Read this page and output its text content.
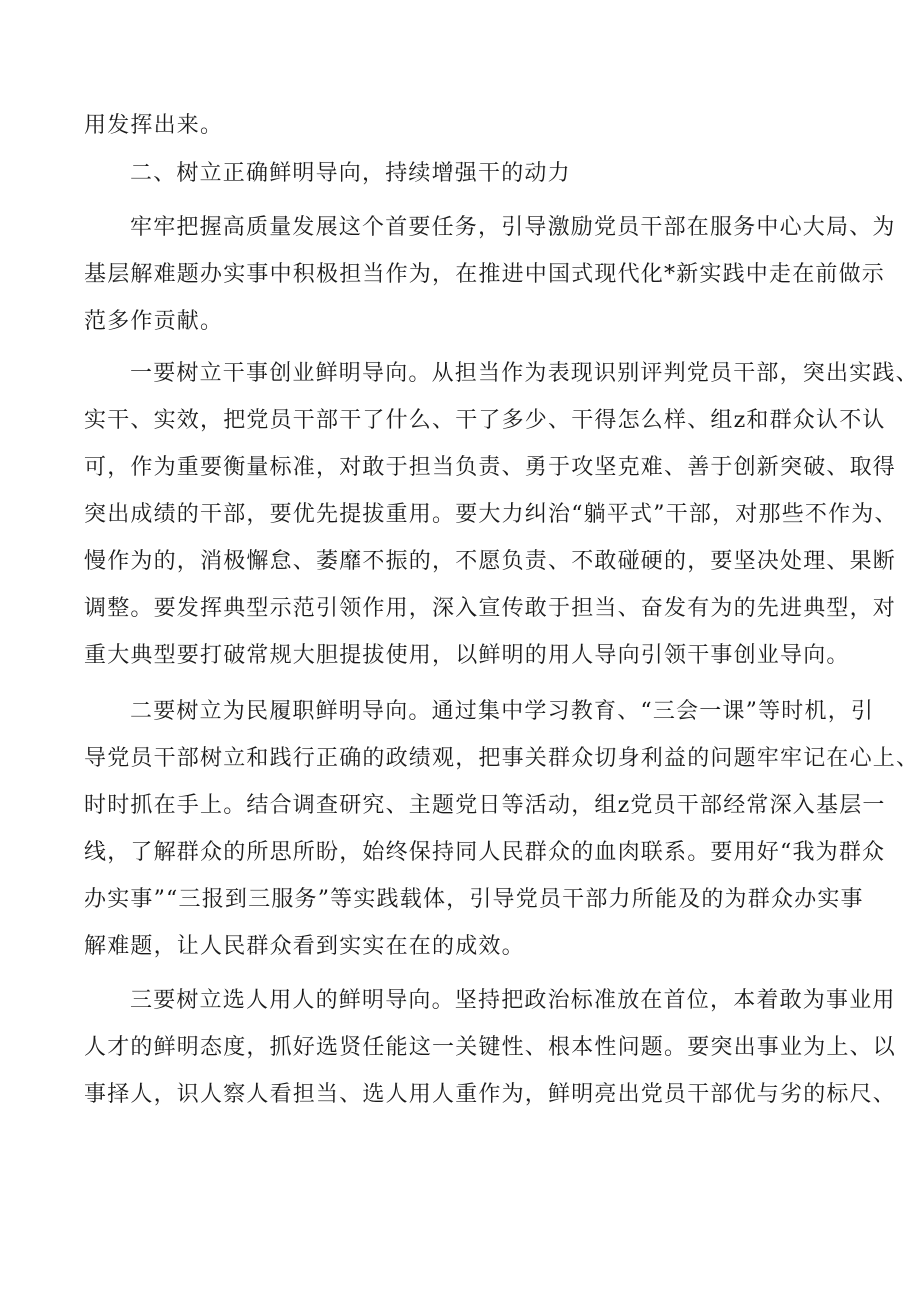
用发挥出来。
二、树立正确鲜明导向，持续增强干的动力
牢牢把握高质量发展这个首要任务，引导激励党员干部在服务中心大局、为
基层解难题办实事中积极担当作为，在推进中国式现代化*新实践中走在前做示
范多作贡献。
一要树立干事创业鲜明导向。从担当作为表现识别评判党员干部，突出实践、
实干、实效，把党员干部干了什么、干了多少、干得怎么样、组z和群众认不认
可，作为重要衡量标准，对敢于担当负责、勇于攻坚克难、善于创新突破、取得
突出成绩的干部，要优先提拔重用。要大力纠治“躺平式”干部，对那些不作为、
慢作为的，消极懈怠、萎靡不振的，不愿负责、不敢碰硬的，要坚决处理、果断
调整。要发挥典型示范引领作用，深入宣传敢于担当、奋发有为的先进典型，对
重大典型要打破常规大胆提拔使用，以鲜明的用人导向引领干事创业导向。
二要树立为民履职鲜明导向。通过集中学习教育、“三会一课”等时机，引
导党员干部树立和践行正确的政绩观，把事关群众切身利益的问题牢牢记在心上、
时时抓在手上。结合调查研究、主题党日等活动，组z党员干部经常深入基层一
线，了解群众的所思所盼，始终保持同人民群众的血肉联系。要用好“我为群众
办实事”“三报到三服务”等实践载体，引导党员干部力所能及的为群众办实事
解难题，让人民群众看到实实在在的成效。
三要树立选人用人的鲜明导向。坚持把政治标准放在首位，本着敢为事业用
人才的鲜明态度，抓好选贤任能这一关键性、根本性问题。要突出事业为上、以
事择人，识人察人看担当、选人用人重作为，鲜明亮出党员干部优与劣的标尺、
